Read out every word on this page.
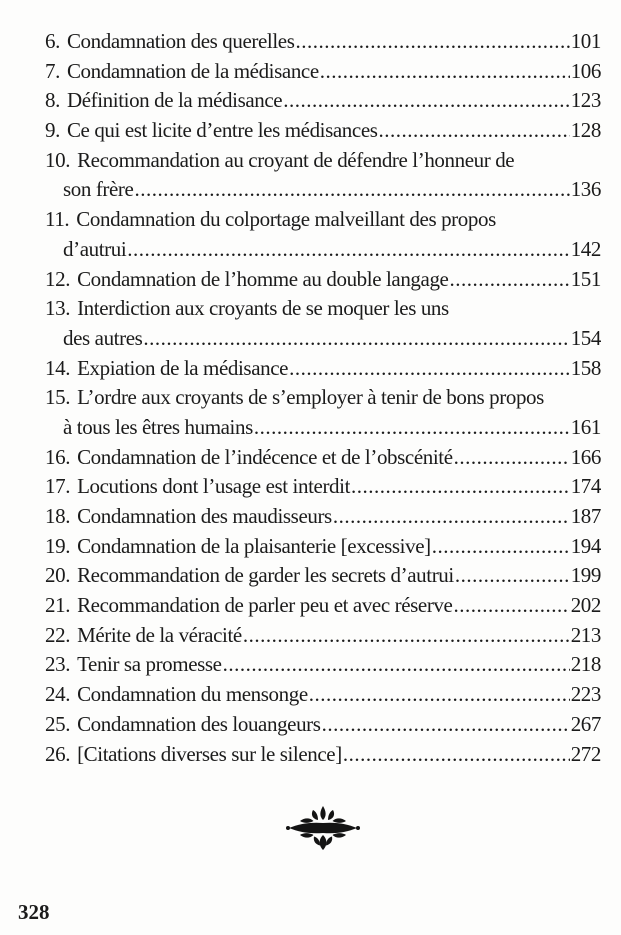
6. Condamnation des querelles .....	101
7. Condamnation de la médisance .....	106
8. Définition de la médisance .....	123
9. Ce qui est licite d’entre les médisances .....	128
10. Recommandation au croyant de défendre l’honneur de
son frère .....	136
11. Condamnation du colportage malveillant des propos
d’autrui .....	142
12. Condamnation de l’homme au double langage .....	151
13. Interdiction aux croyants de se moquer les uns
des autres .....	154
14. Expiation de la médisance .....	158
15. L’ordre aux croyants de s’employer à tenir de bons propos
à tous les êtres humains .....	161
16. Condamnation de l’indécence et de l’obscénité .....	166
17. Locutions dont l’usage est interdit .....	174
18. Condamnation des maudisseurs .....	187
19. Condamnation de la plaisanterie [excessive] .....	194
20. Recommandation de garder les secrets d’autrui .....	199
21. Recommandation de parler peu et avec réserve .....	202
22. Mérite de la véracité .....	213
23. Tenir sa promesse .....	218
24. Condamnation du mensonge .....	223
25. Condamnation des louangeurs .....	267
26. [Citations diverses sur le silence] .....	272
328
